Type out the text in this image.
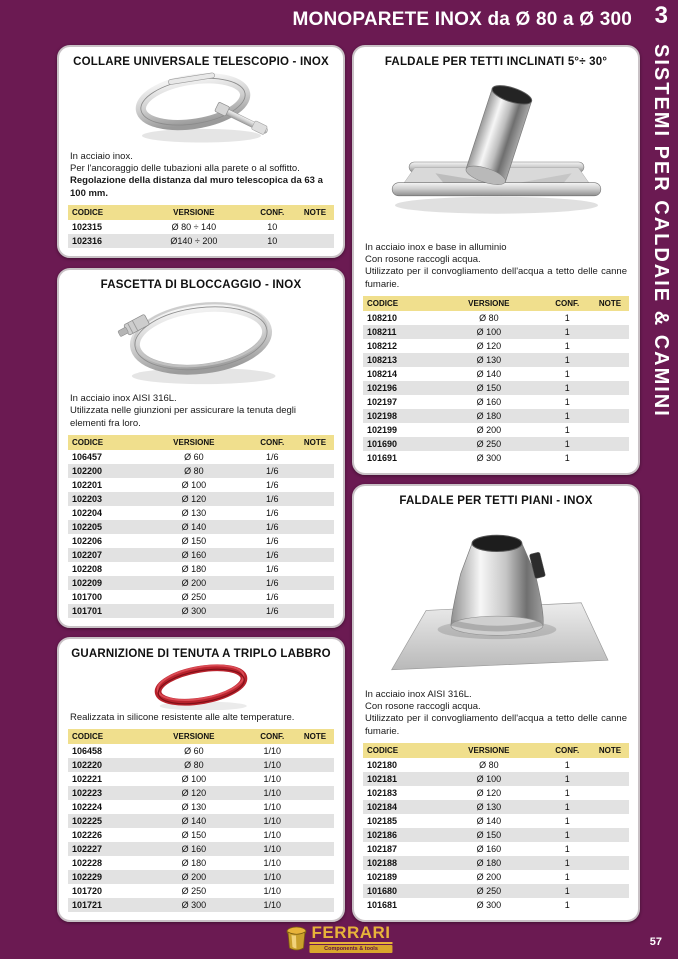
MONOPARETE INOX da Ø 80 a Ø 300 3
SISTEMI PER CALDAIE & CAMINI
COLLARE UNIVERSALE TELESCOPIO - INOX

In acciaio inox.

Per l'ancoraggio delle tubazioni alla parete o al soffitto.

Regolazione della distanza dal muro telescopica da 63 a 100 mm.

CODICE	VERSIONE	CONF.	NOTE
102315	Ø 80 ÷ 140	10	
102316	Ø140 ÷ 200	10	
FASCETTA DI BLOCCAGGIO - INOX

In acciaio inox AISI 316L.

Utilizzata nelle giunzioni per assicurare la tenuta degli elementi fra loro.

CODICE	VERSIONE	CONF.	NOTE
106457	Ø 60	1/6	
102200	Ø 80	1/6	
102201	Ø 100	1/6	
102203	Ø 120	1/6	
102204	Ø 130	1/6	
102205	Ø 140	1/6	
102206	Ø 150	1/6	
102207	Ø 160	1/6	
102208	Ø 180	1/6	
102209	Ø 200	1/6	
101700	Ø 250	1/6	
101701	Ø 300	1/6	
GUARNIZIONE DI TENUTA A TRIPLO LABBRO

Realizzata in silicone resistente alle alte temperature.

CODICE	VERSIONE	CONF.	NOTE
106458	Ø 60	1/10	
102220	Ø 80	1/10	
102221	Ø 100	1/10	
102223	Ø 120	1/10	
102224	Ø 130	1/10	
102225	Ø 140	1/10	
102226	Ø 150	1/10	
102227	Ø 160	1/10	
102228	Ø 180	1/10	
102229	Ø 200	1/10	
101720	Ø 250	1/10	
101721	Ø 300	1/10	
FALDALE PER TETTI INCLINATI 5°÷ 30°

In acciaio inox e base in alluminio

Con rosone raccogli acqua.

Utilizzato per il convogliamento dell'acqua a tetto delle canne fumarie.

CODICE	VERSIONE	CONF.	NOTE
108210	Ø 80	1	
108211	Ø 100	1	
108212	Ø 120	1	
108213	Ø 130	1	
108214	Ø 140	1	
102196	Ø 150	1	
102197	Ø 160	1	
102198	Ø 180	1	
102199	Ø 200	1	
101690	Ø 250	1	
101691	Ø 300	1	
FALDALE PER TETTI PIANI - INOX

In acciaio inox AISI 316L.

Con rosone raccogli acqua.

Utilizzato per il convogliamento dell'acqua a tetto delle canne fumarie.

CODICE	VERSIONE	CONF.	NOTE
102180	Ø 80	1	
102181	Ø 100	1	
102183	Ø 120	1	
102184	Ø 130	1	
102185	Ø 140	1	
102186	Ø 150	1	
102187	Ø 160	1	
102188	Ø 180	1	
102189	Ø 200	1	
101680	Ø 250	1	
101681	Ø 300	1	
FERRARI
Components & tools
57
